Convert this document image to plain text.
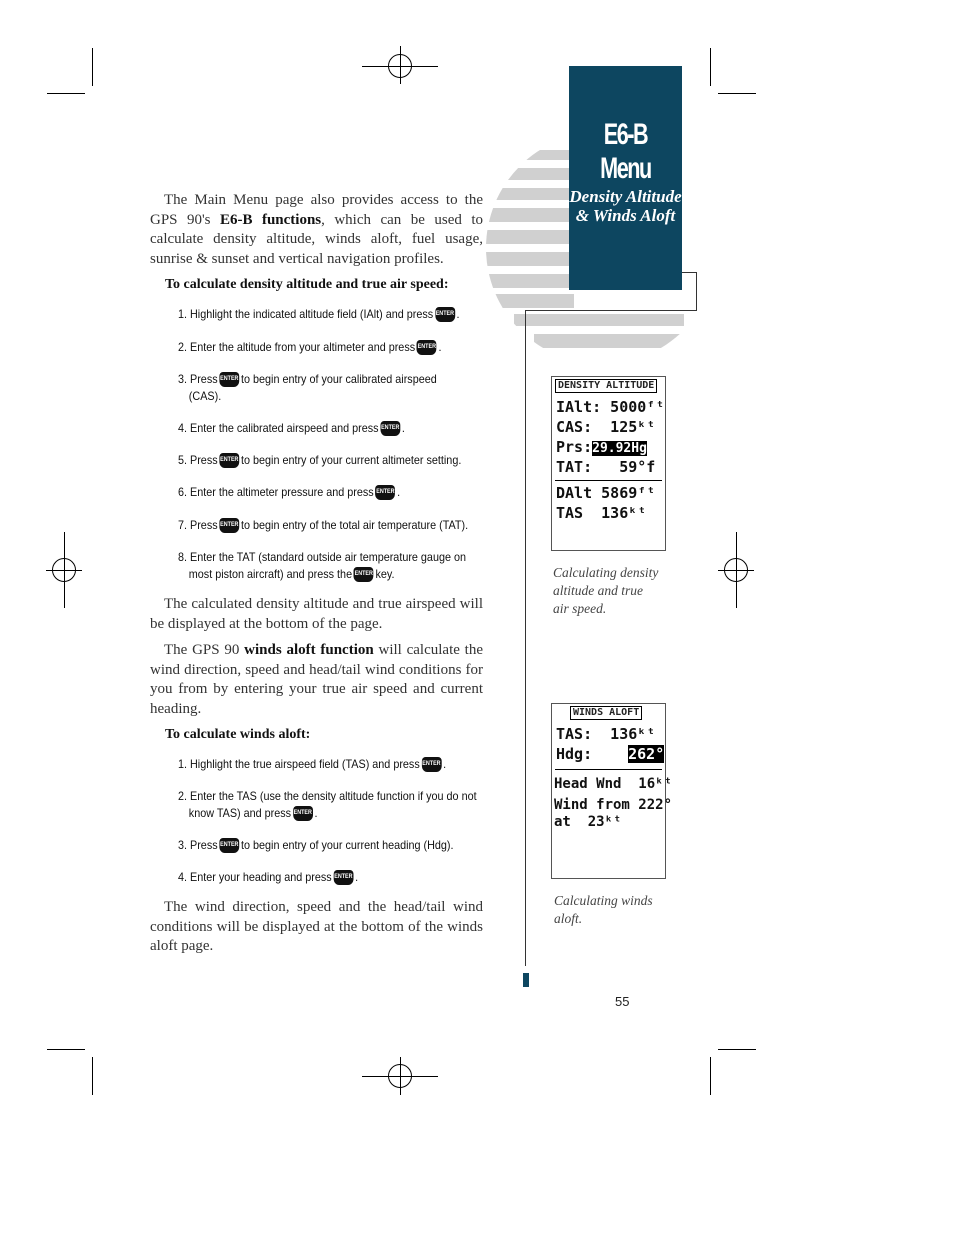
E6-B Menu
Density Altitude
& Winds Aloft
The Main Menu page also provides access to the GPS 90's E6-B functions, which can be used to calculate density altitude, winds aloft, fuel usage, sunrise & sunset and vertical navigation profiles.
To calculate density altitude and true air speed:
1. Highlight the indicated altitude field (IAlt) and press ENTER .
2. Enter the altitude from your altimeter and press ENTER .
3. Press ENTER to begin entry of your calibrated airspeed
(CAS).
4. Enter the calibrated airspeed and press ENTER .
5. Press ENTER to begin entry of your current altimeter setting.
6. Enter the altimeter pressure and press ENTER .
7. Press ENTER to begin entry of the total air temperature (TAT).
8. Enter the TAT (standard outside air temperature gauge on
most piston aircraft) and press the ENTER key.
The calculated density altitude and true airspeed will be displayed at the bottom of the page.
The GPS 90 winds aloft function will calculate the wind direction, speed and head/tail wind conditions for you from by entering your true air speed and current heading.
To calculate winds aloft:
1. Highlight the true airspeed field (TAS) and press ENTER .
2. Enter the TAS (use the density altitude function if you do not
know TAS) and press ENTER .
3. Press ENTER to begin entry of your current heading (Hdg).
4. Enter your heading and press ENTER .
The wind direction, speed and the head/tail wind conditions will be displayed at the bottom of the winds aloft page.
DENSITY ALTITUDE
IAlt: 5000ᶠᵗ
CAS:  125ᵏᵗ
Prs:29.92Hg
TAT:   59°f
DAlt 5869ᶠᵗ
TAS  136ᵏᵗ
Calculating density
altitude and true
air speed.
WINDS ALOFT
TAS:  136ᵏᵗ
Hdg: 262°
Head Wnd  16ᵏᵗ
Wind from 222°
at  23ᵏᵗ
Calculating winds
aloft.
55
